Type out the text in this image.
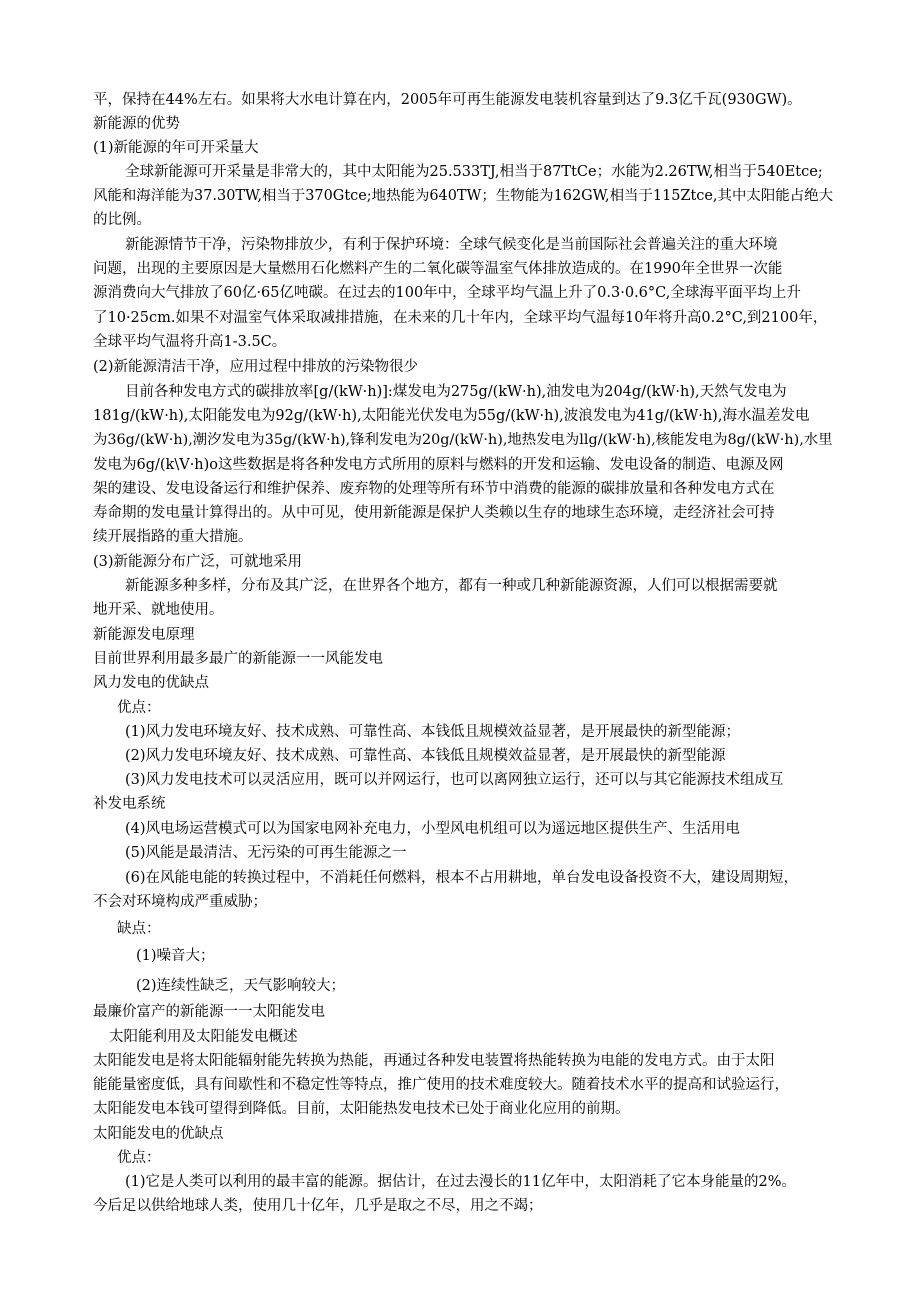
平，保持在44%左右。如果将大水电计算在内，2005年可再生能源发电装机容量到达了9.3亿千瓦(930GW)。
新能源的优势
(1)新能源的年可开采量大
全球新能源可开采量是非常大的，其中太阳能为25.533TJ,相当于87TtCe；水能为2.26TW,相当于540Etce;
风能和海洋能为37.30TW,相当于370Gtce;地热能为640TW；生物能为162GW,相当于115Ztce,其中太阳能占绝大
的比例。
新能源情节干净，污染物排放少，有利于保护环境：全球气候变化是当前国际社会普遍关注的重大环境
问题，出现的主要原因是大量燃用石化燃料产生的二氧化碳等温室气体排放造成的。在1990年全世界一次能
源消费向大气排放了60亿·65亿吨碳。在过去的100年中，全球平均气温上升了0.3·0.6°C,全球海平面平均上升
了10·25cm.如果不对温室气体采取减排措施，在未来的几十年内，全球平均气温每10年将升高0.2°C,到2100年，
全球平均气温将升高1-3.5C。
(2)新能源清洁干净，应用过程中排放的污染物很少
目前各种发电方式的碳排放率[g/(kW·h)]:煤发电为275g/(kW·h),油发电为204g/(kW·h),天然气发电为
181g/(kW·h),太阳能发电为92g/(kW·h),太阳能光伏发电为55g/(kW·h),波浪发电为41g/(kW·h),海水温差发电
为36g/(kW·h),潮汐发电为35g/(kW·h),锋利发电为20g/(kW·h),地热发电为llg/(kW·h),核能发电为8g/(kW·h),水里
发电为6g/(k\V·h)o这些数据是将各种发电方式所用的原料与燃料的开发和运输、发电设备的制造、电源及网
架的建设、发电设备运行和维护保养、废弃物的处理等所有环节中消费的能源的碳排放量和各种发电方式在
寿命期的发电量计算得出的。从中可见，使用新能源是保护人类赖以生存的地球生态环境，走经济社会可持
续开展指路的重大措施。
(3)新能源分布广泛，可就地采用
新能源多种多样，分布及其广泛，在世界各个地方，都有一种或几种新能源资源，人们可以根据需要就
地开采、就地使用。
新能源发电原理
目前世界利用最多最广的新能源一一风能发电
风力发电的优缺点
优点：
(1)风力发电环境友好、技术成熟、可靠性高、本钱低且规模效益显著，是开展最快的新型能源；
(2)风力发电环境友好、技术成熟、可靠性高、本钱低且规模效益显著，是开展最快的新型能源
(3)风力发电技术可以灵活应用，既可以并网运行，也可以离网独立运行，还可以与其它能源技术组成互
补发电系统
(4)风电场运营模式可以为国家电网补充电力，小型风电机组可以为遥远地区提供生产、生活用电
(5)风能是最清洁、无污染的可再生能源之一
(6)在风能电能的转换过程中，不消耗任何燃料，根本不占用耕地，单台发电设备投资不大，建设周期短，
不会对环境构成严重威胁；
缺点：
(1)噪音大；
(2)连续性缺乏，天气影响较大；
最廉价富产的新能源一一太阳能发电
太阳能利用及太阳能发电概述
太阳能发电是将太阳能辐射能先转换为热能，再通过各种发电装置将热能转换为电能的发电方式。由于太阳
能能量密度低，具有间歇性和不稳定性等特点，推广使用的技术难度较大。随着技术水平的提高和试验运行，
太阳能发电本钱可望得到降低。目前，太阳能热发电技术已处于商业化应用的前期。
太阳能发电的优缺点
优点：
(1)它是人类可以利用的最丰富的能源。据估计，在过去漫长的11亿年中，太阳消耗了它本身能量的2%。
今后足以供给地球人类，使用几十亿年，几乎是取之不尽，用之不竭；
